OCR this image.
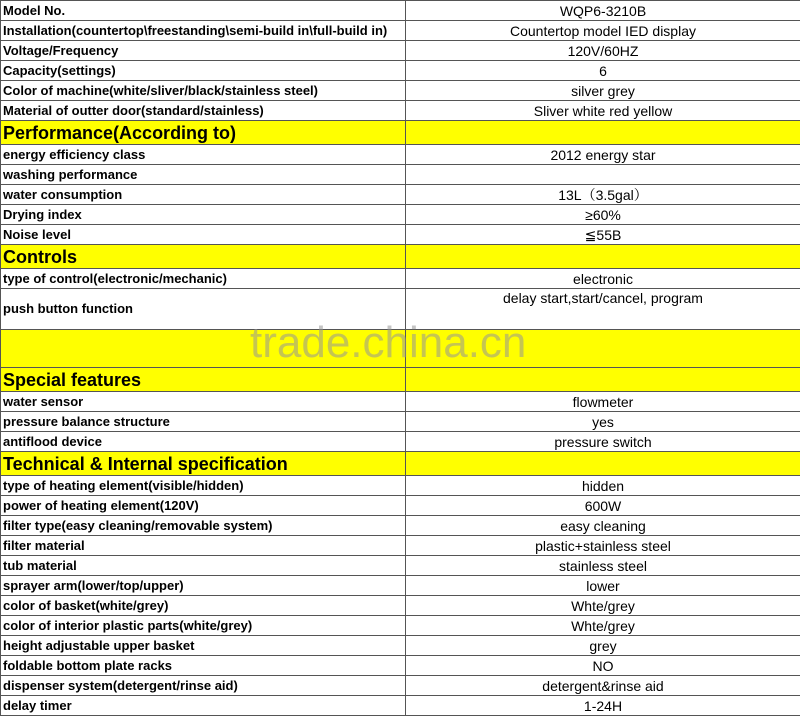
Model No.	WQP6-3210B
Installation(countertop\freestanding\semi-build in\full-build in)	Countertop model IED display
Voltage/Frequency	120V/60HZ
Capacity(settings)	6
Color of machine(white/sliver/black/stainless steel)	silver grey
Material of outter door(standard/stainless)	Sliver white red yellow
Performance(According to)	
energy efficiency class	2012 energy star
washing performance	
water consumption	13L（3.5gal）
Drying index	≥60%
Noise level	≦55B
Controls	
type of control(electronic/mechanic)	electronic
push button function	delay start,start/cancel, program

Special features	
water sensor	flowmeter
pressure balance structure	yes
antiflood device	pressure switch
Technical & Internal specification	
type of heating element(visible/hidden)	hidden
power of heating element(120V)	600W
filter type(easy cleaning/removable system)	easy cleaning
filter material	plastic+stainless steel
tub material	stainless steel
sprayer arm(lower/top/upper)	lower
color of basket(white/grey)	Whte/grey
color of interior plastic parts(white/grey)	Whte/grey
height adjustable upper basket	grey
foldable bottom plate racks	NO
dispenser system(detergent/rinse aid)	detergent&rinse aid
delay timer	1-24H
trade.china.cn
